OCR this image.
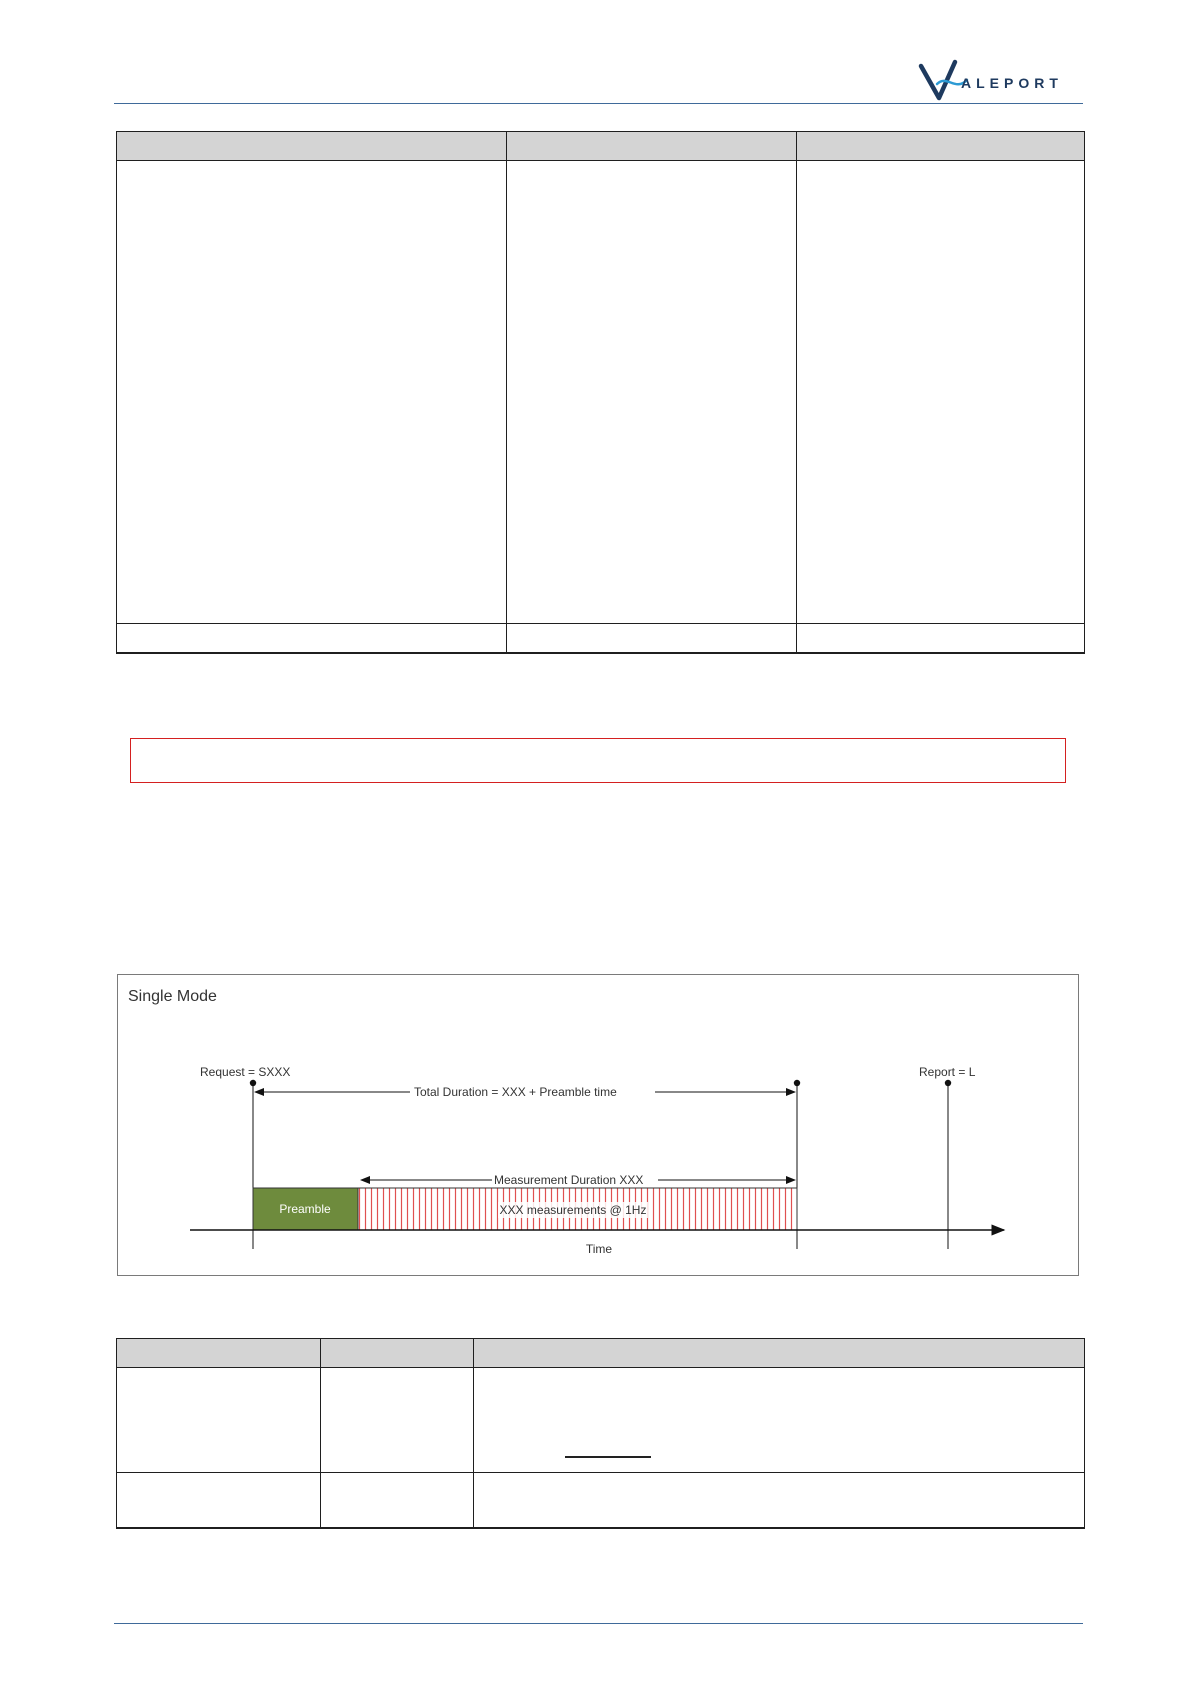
ALEPORT

Single Mode
Request = SXXX	Report = L
Total Duration = XXX + Preamble time
Measurement Duration XXX
Preamble	XXX measurements @ 1Hz
Time
